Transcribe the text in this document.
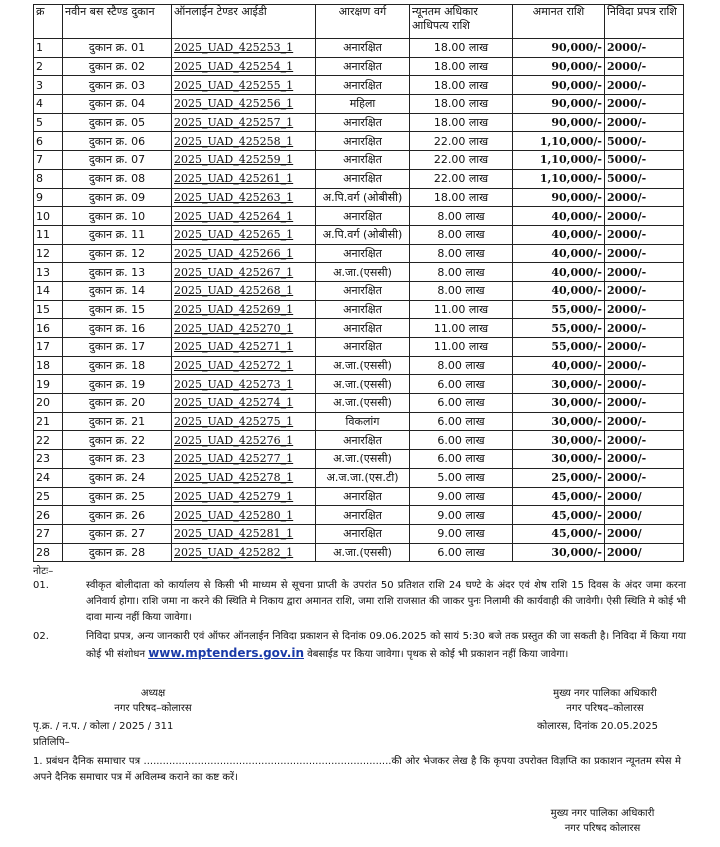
क्र	नवीन बस स्टैण्ड दुकान	ऑनलाईन टेण्डर आईडी	आरक्षण वर्ग	न्यूनतम अधिकार आधिपत्य राशि	अमानत राशि	निविदा प्रपत्र राशि
1	दुकान क्र. 01	2025_UAD_425253_1	अनारक्षित	18.00 लाख	90,000/-	2000/-
2	दुकान क्र. 02	2025_UAD_425254_1	अनारक्षित	18.00 लाख	90,000/-	2000/-
3	दुकान क्र. 03	2025_UAD_425255_1	अनारक्षित	18.00 लाख	90,000/-	2000/-
4	दुकान क्र. 04	2025_UAD_425256_1	महिला	18.00 लाख	90,000/-	2000/-
5	दुकान क्र. 05	2025_UAD_425257_1	अनारक्षित	18.00 लाख	90,000/-	2000/-
6	दुकान क्र. 06	2025_UAD_425258_1	अनारक्षित	22.00 लाख	1,10,000/-	5000/-
7	दुकान क्र. 07	2025_UAD_425259_1	अनारक्षित	22.00 लाख	1,10,000/-	5000/-
8	दुकान क्र. 08	2025_UAD_425261_1	अनारक्षित	22.00 लाख	1,10,000/-	5000/-
9	दुकान क्र. 09	2025_UAD_425263_1	अ.पि.वर्ग (ओबीसी)	18.00 लाख	90,000/-	2000/-
10	दुकान क्र. 10	2025_UAD_425264_1	अनारक्षित	8.00 लाख	40,000/-	2000/-
11	दुकान क्र. 11	2025_UAD_425265_1	अ.पि.वर्ग (ओबीसी)	8.00 लाख	40,000/-	2000/-
12	दुकान क्र. 12	2025_UAD_425266_1	अनारक्षित	8.00 लाख	40,000/-	2000/-
13	दुकान क्र. 13	2025_UAD_425267_1	अ.जा.(एससी)	8.00 लाख	40,000/-	2000/-
14	दुकान क्र. 14	2025_UAD_425268_1	अनारक्षित	8.00 लाख	40,000/-	2000/-
15	दुकान क्र. 15	2025_UAD_425269_1	अनारक्षित	11.00 लाख	55,000/-	2000/-
16	दुकान क्र. 16	2025_UAD_425270_1	अनारक्षित	11.00 लाख	55,000/-	2000/-
17	दुकान क्र. 17	2025_UAD_425271_1	अनारक्षित	11.00 लाख	55,000/-	2000/-
18	दुकान क्र. 18	2025_UAD_425272_1	अ.जा.(एससी)	8.00 लाख	40,000/-	2000/-
19	दुकान क्र. 19	2025_UAD_425273_1	अ.जा.(एससी)	6.00 लाख	30,000/-	2000/-
20	दुकान क्र. 20	2025_UAD_425274_1	अ.जा.(एससी)	6.00 लाख	30,000/-	2000/-
21	दुकान क्र. 21	2025_UAD_425275_1	विकलांग	6.00 लाख	30,000/-	2000/-
22	दुकान क्र. 22	2025_UAD_425276_1	अनारक्षित	6.00 लाख	30,000/-	2000/-
23	दुकान क्र. 23	2025_UAD_425277_1	अ.जा.(एससी)	6.00 लाख	30,000/-	2000/-
24	दुकान क्र. 24	2025_UAD_425278_1	अ.ज.जा.(एस.टी)	5.00 लाख	25,000/-	2000/-
25	दुकान क्र. 25	2025_UAD_425279_1	अनारक्षित	9.00 लाख	45,000/-	2000/
26	दुकान क्र. 26	2025_UAD_425280_1	अनारक्षित	9.00 लाख	45,000/-	2000/
27	दुकान क्र. 27	2025_UAD_425281_1	अनारक्षित	9.00 लाख	45,000/-	2000/
28	दुकान क्र. 28	2025_UAD_425282_1	अ.जा.(एससी)	6.00 लाख	30,000/-	2000/
नोटः–
01.	स्वीकृत बोलीदाता को कार्यालय से किसी भी माध्यम से सूचना प्राप्ती के उपरांत 50 प्रतिशत राशि 24 घण्टे के अंदर एवं शेष राशि 15 दिवस के अंदर जमा करना अनिवार्य होगा। राशि जमा ना करने की स्थिति मे निकाय द्वारा अमानत राशि, जमा राशि राजसात की जाकर पुनः निलामी की कार्यवाही की जावेगी। ऐसी स्थिति मे कोई भी दावा मान्य नहीं किया जावेगा।
02.	निविदा प्रपत्र, अन्य जानकारी एवं ऑफर ऑनलाईन निविदा प्रकाशन से दिनांक 09.06.2025 को सायं 5:30 बजे तक प्रस्तुत की जा सकती है। निविदा में किया गया कोई भी संशोधन www.mptenders.gov.in वेबसाईड पर किया जावेगा। पृथक से कोई भी प्रकाशन नहीं किया जावेगा।
अध्यक्ष
नगर परिषद–कोलारस
मुख्य नगर पालिका अधिकारी
नगर परिषद–कोलारस
पृ.क्र. / न.प. / कोला / 2025 / 311	कोलारस, दिनांक 20.05.2025
प्रतिलिपि–
1. प्रबंधन दैनिक समाचार पत्र ..............................................................................की ओर भेजकर लेख है कि कृपया उपरोक्त विज्ञप्ति का प्रकाशन न्यूनतम स्पेस मे अपने दैनिक समाचार पत्र में अविलम्ब कराने का कष्ट करें।
मुख्य नगर पालिका अधिकारी
नगर परिषद कोलारस
